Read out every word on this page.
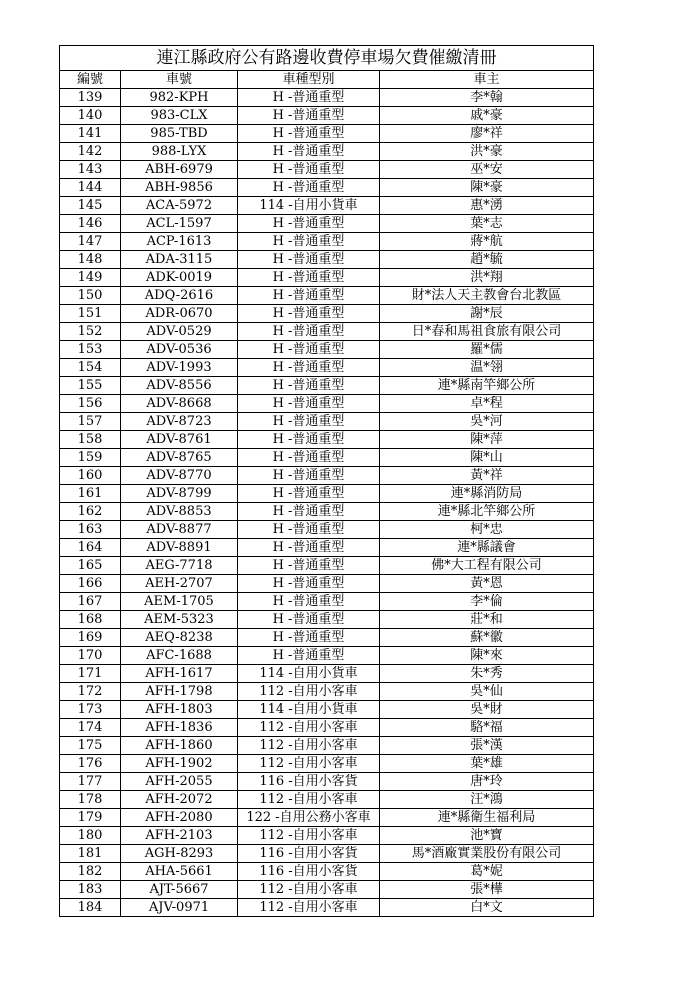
連江縣政府公有路邊收費停車場欠費催繳清冊			
編號	車號	車種型別	車主
139	982-KPH	H -普通重型	李*翰
140	983-CLX	H -普通重型	戚*豪
141	985-TBD	H -普通重型	廖*祥
142	988-LYX	H -普通重型	洪*豪
143	ABH-6979	H -普通重型	巫*安
144	ABH-9856	H -普通重型	陳*豪
145	ACA-5972	114 -自用小貨車	惠*湧
146	ACL-1597	H -普通重型	葉*志
147	ACP-1613	H -普通重型	蔣*航
148	ADA-3115	H -普通重型	趙*毓
149	ADK-0019	H -普通重型	洪*翔
150	ADQ-2616	H -普通重型	財*法人天主教會台北教區
151	ADR-0670	H -普通重型	謝*辰
152	ADV-0529	H -普通重型	日*春和馬祖食旅有限公司
153	ADV-0536	H -普通重型	羅*儒
154	ADV-1993	H -普通重型	温*翎
155	ADV-8556	H -普通重型	連*縣南竿鄉公所
156	ADV-8668	H -普通重型	卓*程
157	ADV-8723	H -普通重型	吳*河
158	ADV-8761	H -普通重型	陳*萍
159	ADV-8765	H -普通重型	陳*山
160	ADV-8770	H -普通重型	黃*祥
161	ADV-8799	H -普通重型	連*縣消防局
162	ADV-8853	H -普通重型	連*縣北竿鄉公所
163	ADV-8877	H -普通重型	柯*忠
164	ADV-8891	H -普通重型	連*縣議會
165	AEG-7718	H -普通重型	佛*大工程有限公司
166	AEH-2707	H -普通重型	黃*恩
167	AEM-1705	H -普通重型	李*倫
168	AEM-5323	H -普通重型	莊*和
169	AEQ-8238	H -普通重型	蘇*徽
170	AFC-1688	H -普通重型	陳*來
171	AFH-1617	114 -自用小貨車	朱*秀
172	AFH-1798	112 -自用小客車	吳*仙
173	AFH-1803	114 -自用小貨車	吳*財
174	AFH-1836	112 -自用小客車	駱*福
175	AFH-1860	112 -自用小客車	張*漢
176	AFH-1902	112 -自用小客車	葉*雄
177	AFH-2055	116 -自用小客貨	唐*玲
178	AFH-2072	112 -自用小客車	汪*鴻
179	AFH-2080	122 -自用公務小客車	連*縣衛生福利局
180	AFH-2103	112 -自用小客車	池*寶
181	AGH-8293	116 -自用小客貨	馬*酒廠實業股份有限公司
182	AHA-5661	116 -自用小客貨	葛*妮
183	AJT-5667	112 -自用小客車	張*樺
184	AJV-0971	112 -自用小客車	白*文
